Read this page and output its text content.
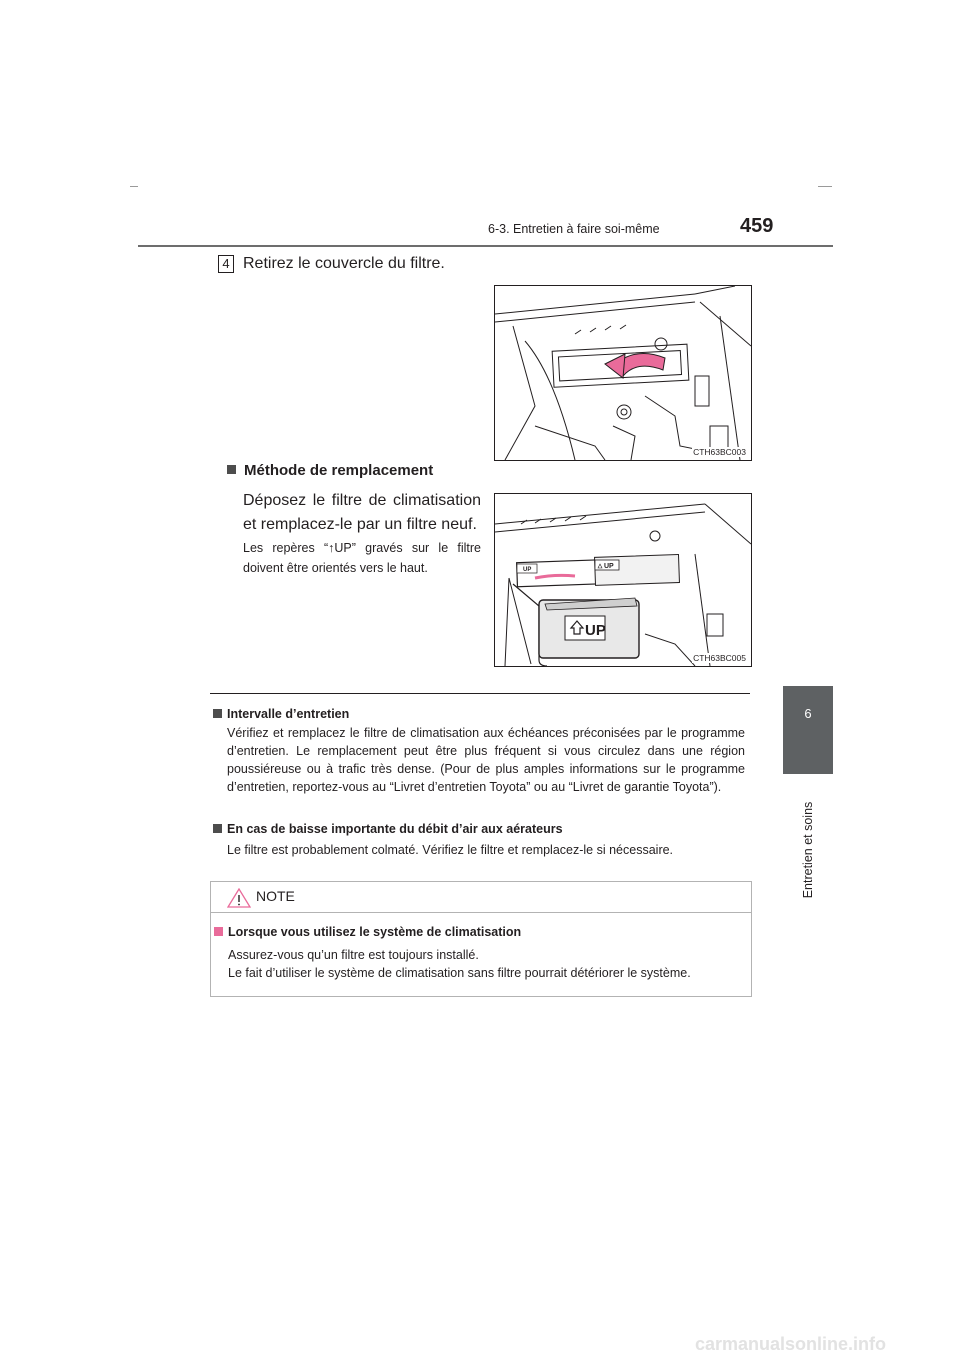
6-3. Entretien à faire soi-même	459
6
Entretien et soins
4 Retirez le couvercle du filtre.
CTH63BC003
Méthode de remplacement
Déposez le filtre de climatisation et remplacez-le par un filtre neuf.
Les repères “↑UP” gravés sur le filtre doivent être orientés vers le haut.
UP
UP
UP
CTH63BC005
Intervalle d’entretien
Vérifiez et remplacez le filtre de climatisation aux échéances préconisées par le programme d’entretien. Le remplacement peut être plus fréquent si vous circulez dans une région poussiéreuse ou à trafic très dense. (Pour de plus amples informations sur le programme d’entretien, reportez-vous au “Livret d’entretien Toyota” ou au “Livret de garantie Toyota”).
En cas de baisse importante du débit d’air aux aérateurs
Le filtre est probablement colmaté. Vérifiez le filtre et remplacez-le si nécessaire.
NOTE
Lorsque vous utilisez le système de climatisation
Assurez-vous qu’un filtre est toujours installé.
Le fait d’utiliser le système de climatisation sans filtre pourrait détériorer le système.
carmanualsonline.info
